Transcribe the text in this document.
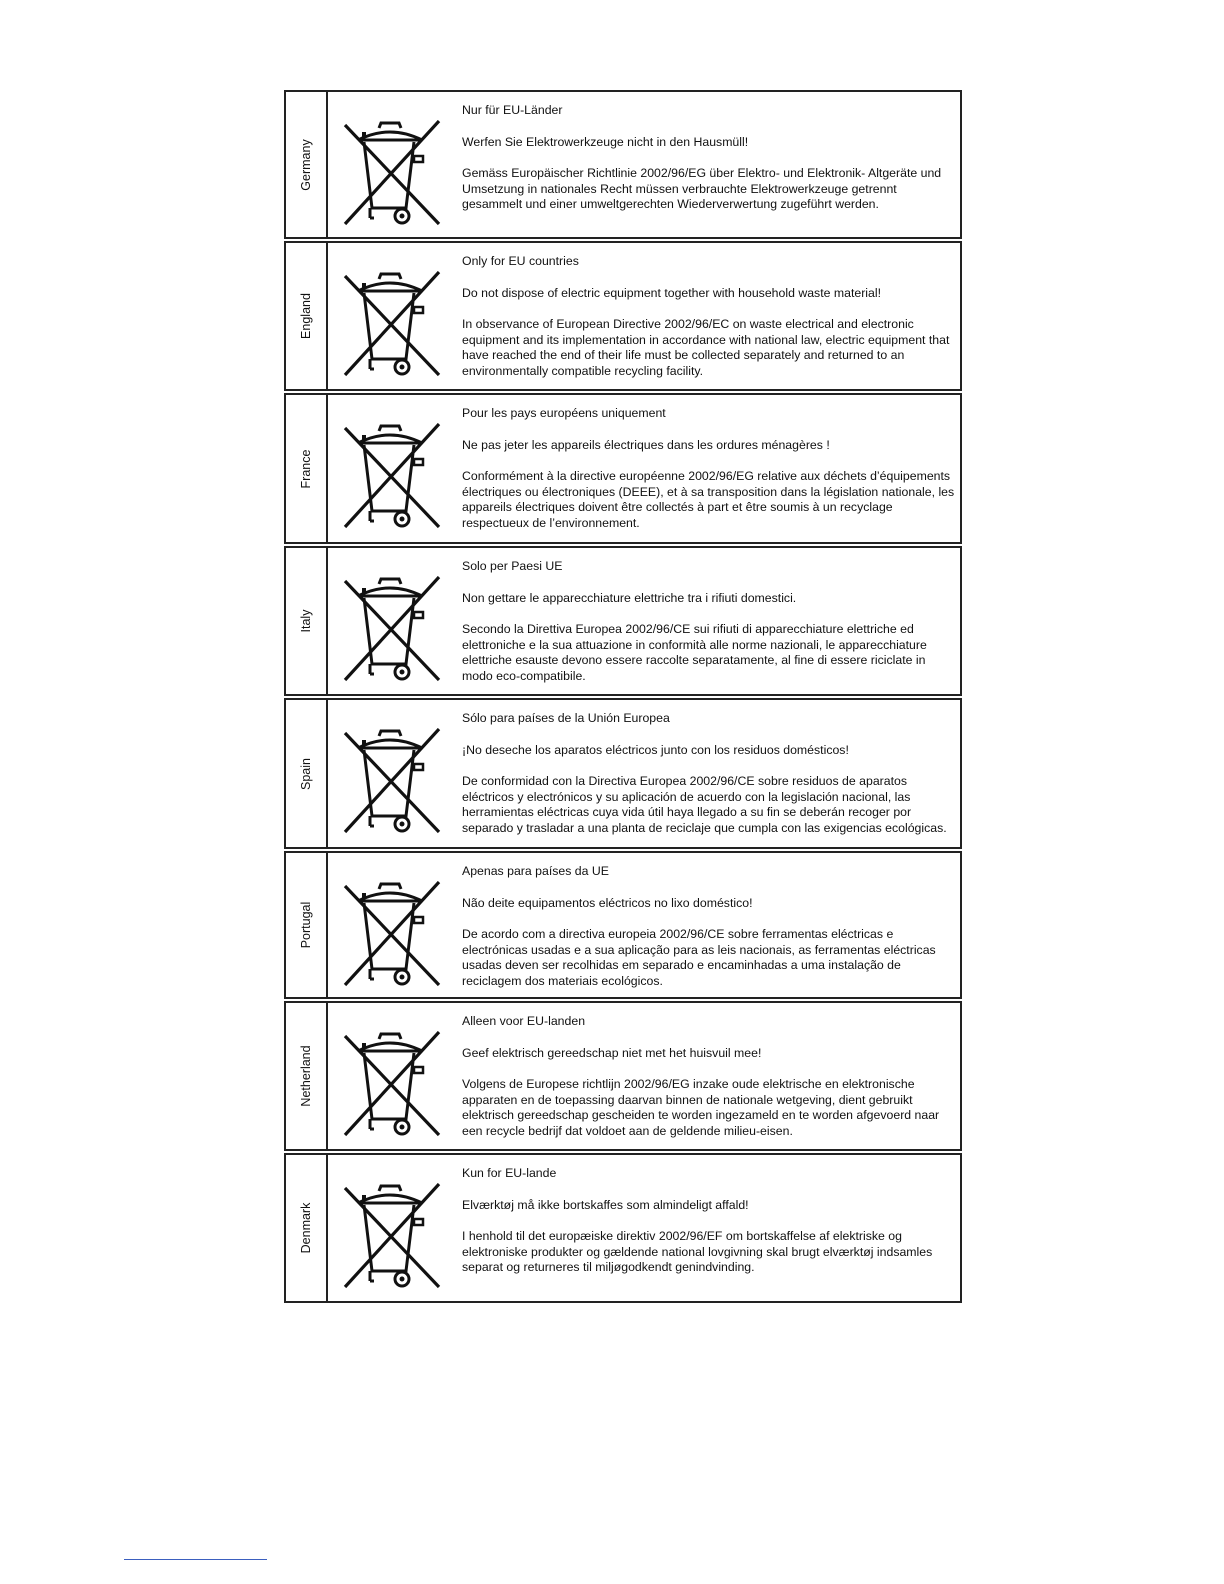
Germany

Nur für EU-Länder

Werfen Sie Elektrowerkzeuge nicht in den Hausmüll!

Gemäss Europäischer Richtlinie 2002/96/EG über Elektro- und Elektronik- Altgeräte und Umsetzung in nationales Recht müssen verbrauchte Elektrowerkzeuge getrennt gesammelt und einer umweltgerechten Wiederverwertung zugeführt werden.

England

Only for EU countries

Do not dispose of electric equipment together with household waste material!

In observance of European Directive 2002/96/EC on waste electrical and electronic equipment and its implementation in accordance with national law, electric equipment that have reached the end of their life must be collected separately and returned to an environmentally compatible recycling facility.

France

Pour les pays européens uniquement

Ne pas jeter les appareils électriques dans les ordures ménagères !

Conformément à la directive européenne 2002/96/EG relative aux déchets d’équipements électriques ou électroniques (DEEE), et à sa transposition dans la législation nationale, les appareils électriques doivent être collectés à part et être soumis à un recyclage respectueux de l’environnement.

Italy

Solo per Paesi UE

Non gettare le apparecchiature elettriche tra i rifiuti domestici.

Secondo la Direttiva Europea 2002/96/CE sui rifiuti di apparecchiature elettriche ed elettroniche e la sua attuazione in conformità alle norme nazionali, le apparecchiature elettriche esauste devono essere raccolte separatamente, al fine di essere riciclate in modo eco-compatibile.

Spain

Sólo para países de la Unión Europea

¡No deseche los aparatos eléctricos junto con los residuos domésticos!

De conformidad con la Directiva Europea 2002/96/CE sobre residuos de aparatos eléctricos y electrónicos y su aplicación de acuerdo con la legislación nacional, las herramientas eléctricas cuya vida útil haya llegado a su fin se deberán recoger por separado y trasladar a una planta de reciclaje que cumpla con las exigencias ecológicas.

Portugal

Apenas para países da UE

Não deite equipamentos eléctricos no lixo doméstico!

De acordo com a directiva europeia 2002/96/CE sobre ferramentas eléctricas e electrónicas usadas e a sua aplicação para as leis nacionais, as ferramentas eléctricas usadas deven ser recolhidas em separado e encaminhadas a uma instalação de reciclagem dos materiais ecológicos.

Netherland

Alleen voor EU-landen

Geef elektrisch gereedschap niet met het huisvuil mee!

Volgens de Europese richtlijn 2002/96/EG inzake oude elektrische en elektronische apparaten en de toepassing daarvan binnen de nationale wetgeving, dient gebruikt elektrisch gereedschap gescheiden te worden ingezameld en te worden afgevoerd naar een recycle bedrijf dat voldoet aan de geldende milieu-eisen.

Denmark

Kun for EU-lande

Elværktøj må ikke bortskaffes som almindeligt affald!

I henhold til det europæiske direktiv 2002/96/EF om bortskaffelse af elektriske og elektroniske produkter og gældende national lovgivning skal brugt elværktøj indsamles separat og returneres til miljøgodkendt genindvinding.
